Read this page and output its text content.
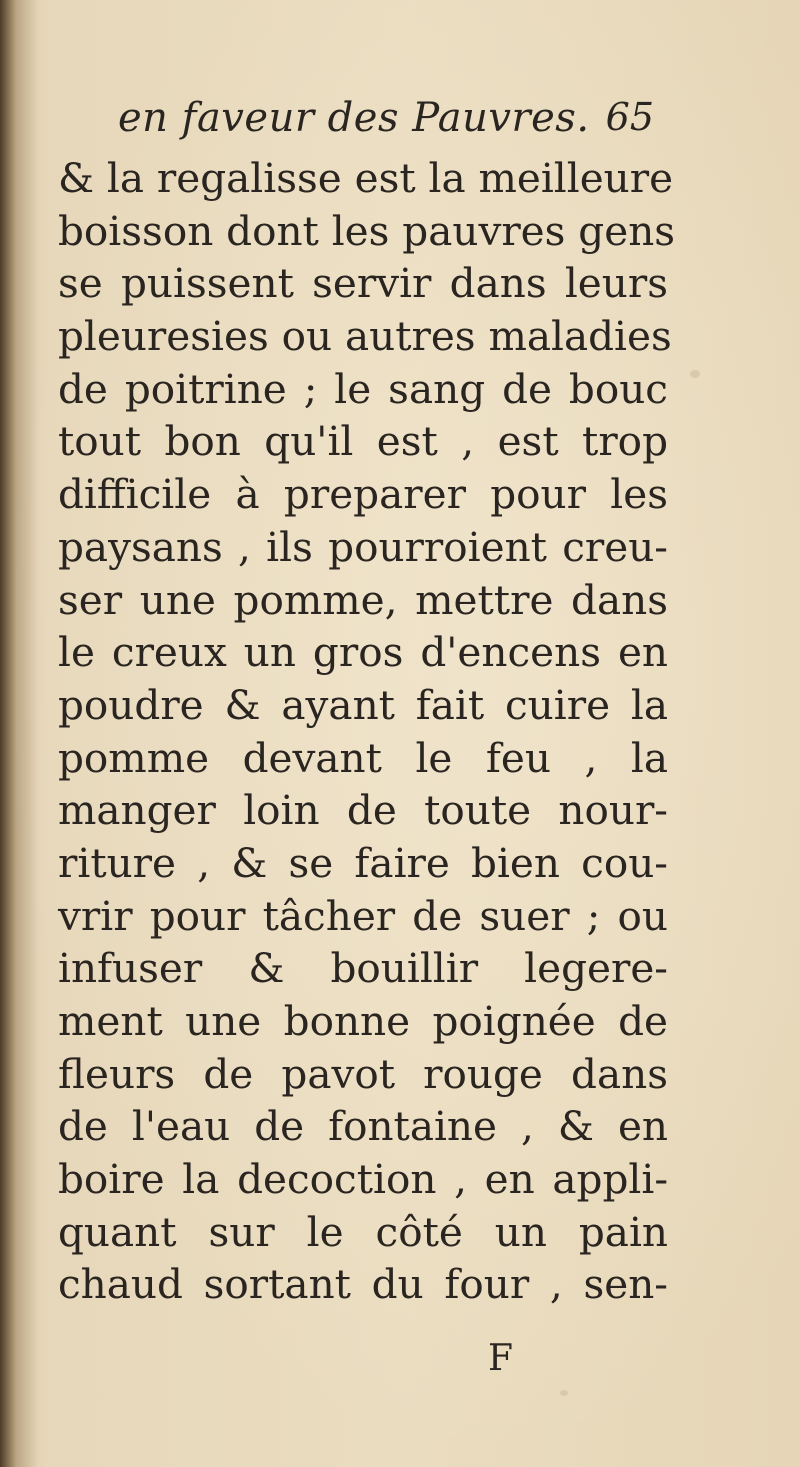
en faveur des Pauvres. 65
& la regalisse est la meilleure
boisson dont les pauvres gens
se puissent servir dans leurs
pleuresies ou autres maladies
de poitrine ; le sang de bouc
tout bon qu'il est , est trop
difficile à preparer pour les
paysans , ils pourroient creu-
ser une pomme, mettre dans
le creux un gros d'encens en
poudre & ayant fait cuire la
pomme devant le feu , la
manger loin de toute nour-
riture , & se faire bien cou-
vrir pour tâcher de suer ; ou
infuser & bouillir legere-
ment une bonne poignée de
fleurs de pavot rouge dans
de l'eau de fontaine , & en
boire la decoction , en appli-
quant sur le côté un pain
chaud sortant du four , sen-
F
